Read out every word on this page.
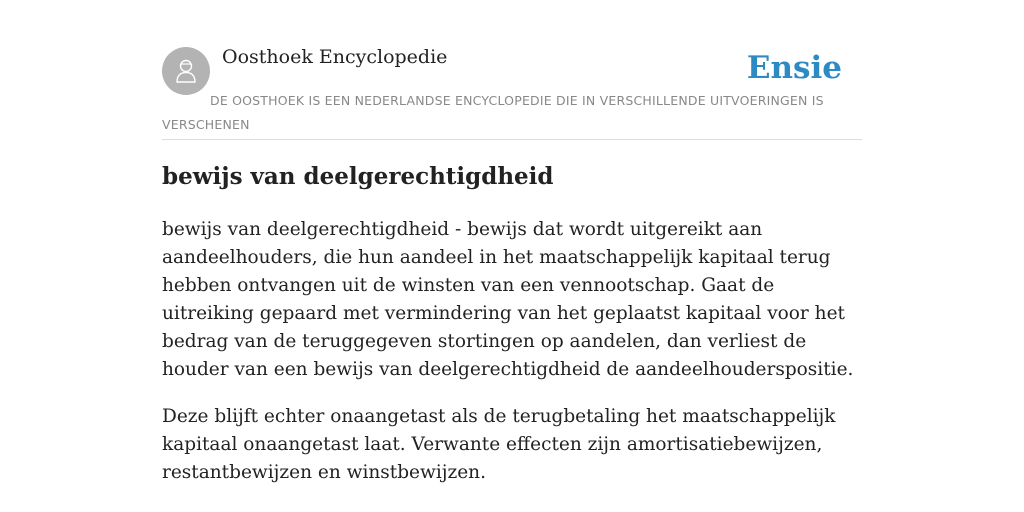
Oosthoek Encyclopedie	Ensie
DE OOSTHOEK IS EEN NEDERLANDSE ENCYCLOPEDIE DIE IN VERSCHILLENDE UITVOERINGEN IS VERSCHENEN
bewijs van deelgerechtigdheid

bewijs van deelgerechtigdheid - bewijs dat wordt uitgereikt aan aandeelhouders, die hun aandeel in het maatschappelijk kapitaal terug hebben ontvangen uit de winsten van een vennootschap. Gaat de uitreiking gepaard met vermindering van het geplaatst kapitaal voor het bedrag van de teruggegeven stortingen op aandelen, dan verliest de houder van een bewijs van deelgerechtigdheid de aandeelhouderspositie.

Deze blijft echter onaangetast als de terugbetaling het maatschappelijk kapitaal onaangetast laat. Verwante effecten zijn amortisatiebewijzen, restantbewijzen en winstbewijzen.
